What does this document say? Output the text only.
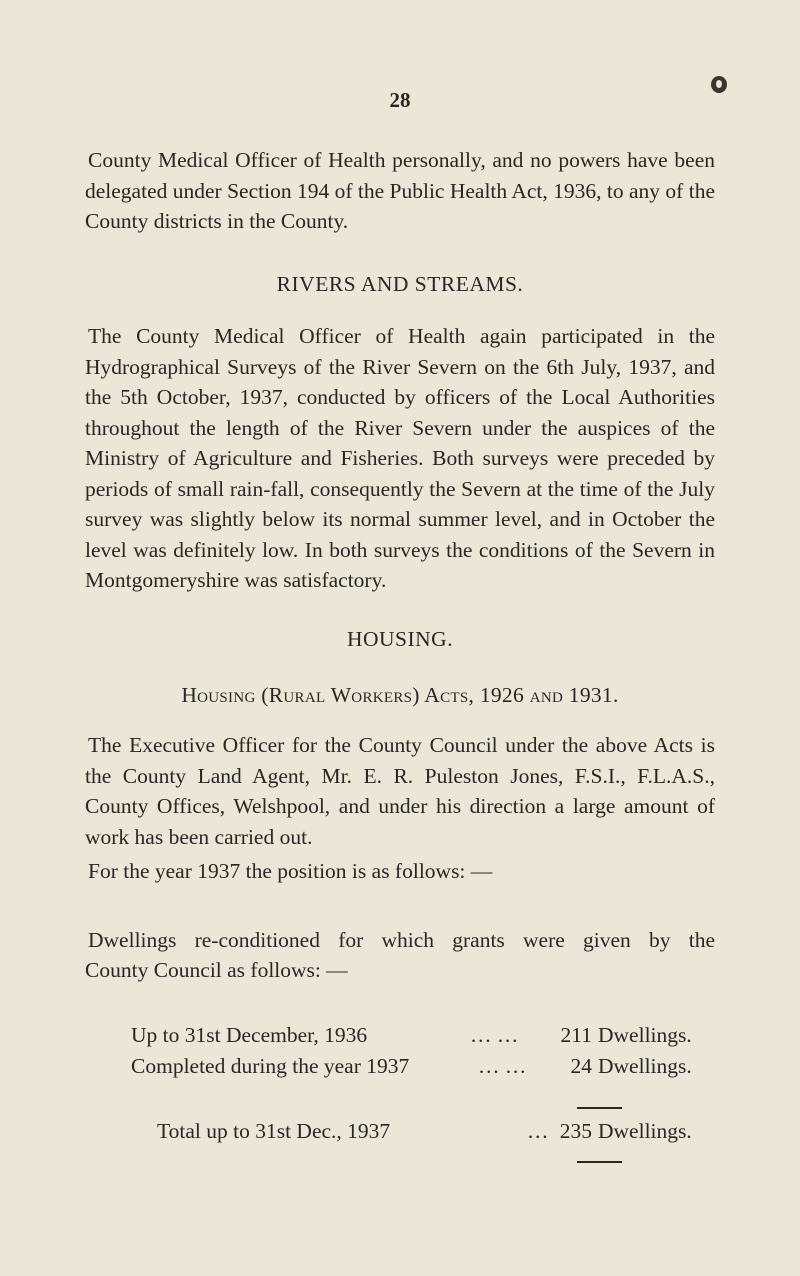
28

County Medical Officer of Health personally, and no powers have been delegated under Section 194 of the Public Health Act, 1936, to any of the County districts in the County.

RIVERS AND STREAMS.

The County Medical Officer of Health again participated in the Hydrographical Surveys of the River Severn on the 6th July, 1937, and the 5th October, 1937, conducted by officers of the Local Authorities throughout the length of the River Severn under the auspices of the Ministry of Agriculture and Fisheries. Both surveys were preceded by periods of small rain-fall, consequently the Severn at the time of the July survey was slightly below its normal summer level, and in October the level was definitely low. In both surveys the conditions of the Severn in Montgomeryshire was satisfactory.

HOUSING.

Housing (Rural Workers) Acts, 1926 and 1931.

The Executive Officer for the County Council under the above Acts is the County Land Agent, Mr. E. R. Puleston Jones, F.S.I., F.L.A.S., County Offices, Welshpool, and under his direction a large amount of work has been carried out.

For the year 1937 the position is as follows: —

Dwellings re-conditioned for which grants were given by the

County Council as follows: —

Up to 31st December, 1936	… …	211 Dwellings.
Completed during the year 1937	… …	24 Dwellings.
Total up to 31st Dec., 1937	… 235 Dwellings.
